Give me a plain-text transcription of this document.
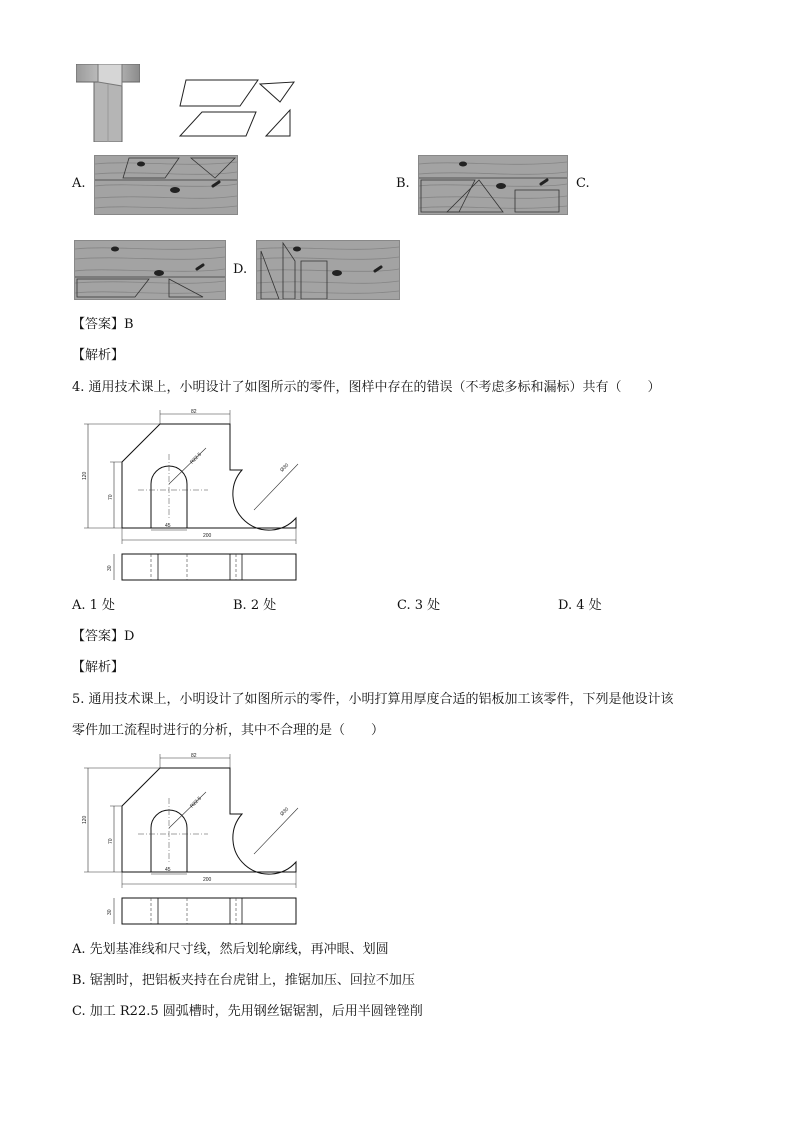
A.	B.	C.
D.
【答案】B
【解析】
4. 通用技术课上，小明设计了如图所示的零件，图样中存在的错误（不考虑多标和漏标）共有（　　）
82
R22.5
Ø30
120
70
45
200
30
A. 1 处	B. 2 处	C. 3 处	D. 4 处
【答案】D
【解析】
5. 通用技术课上，小明设计了如图所示的零件，小明打算用厚度合适的铝板加工该零件，下列是他设计该
零件加工流程时进行的分析，其中不合理的是（　　）
82
R22.5
Ø30
120
70
45
200
30
A. 先划基准线和尺寸线，然后划轮廓线，再冲眼、划圆
B. 锯割时，把铝板夹持在台虎钳上，推锯加压、回拉不加压
C. 加工 R22.5 圆弧槽时，先用钢丝锯锯割，后用半圆锉锉削
